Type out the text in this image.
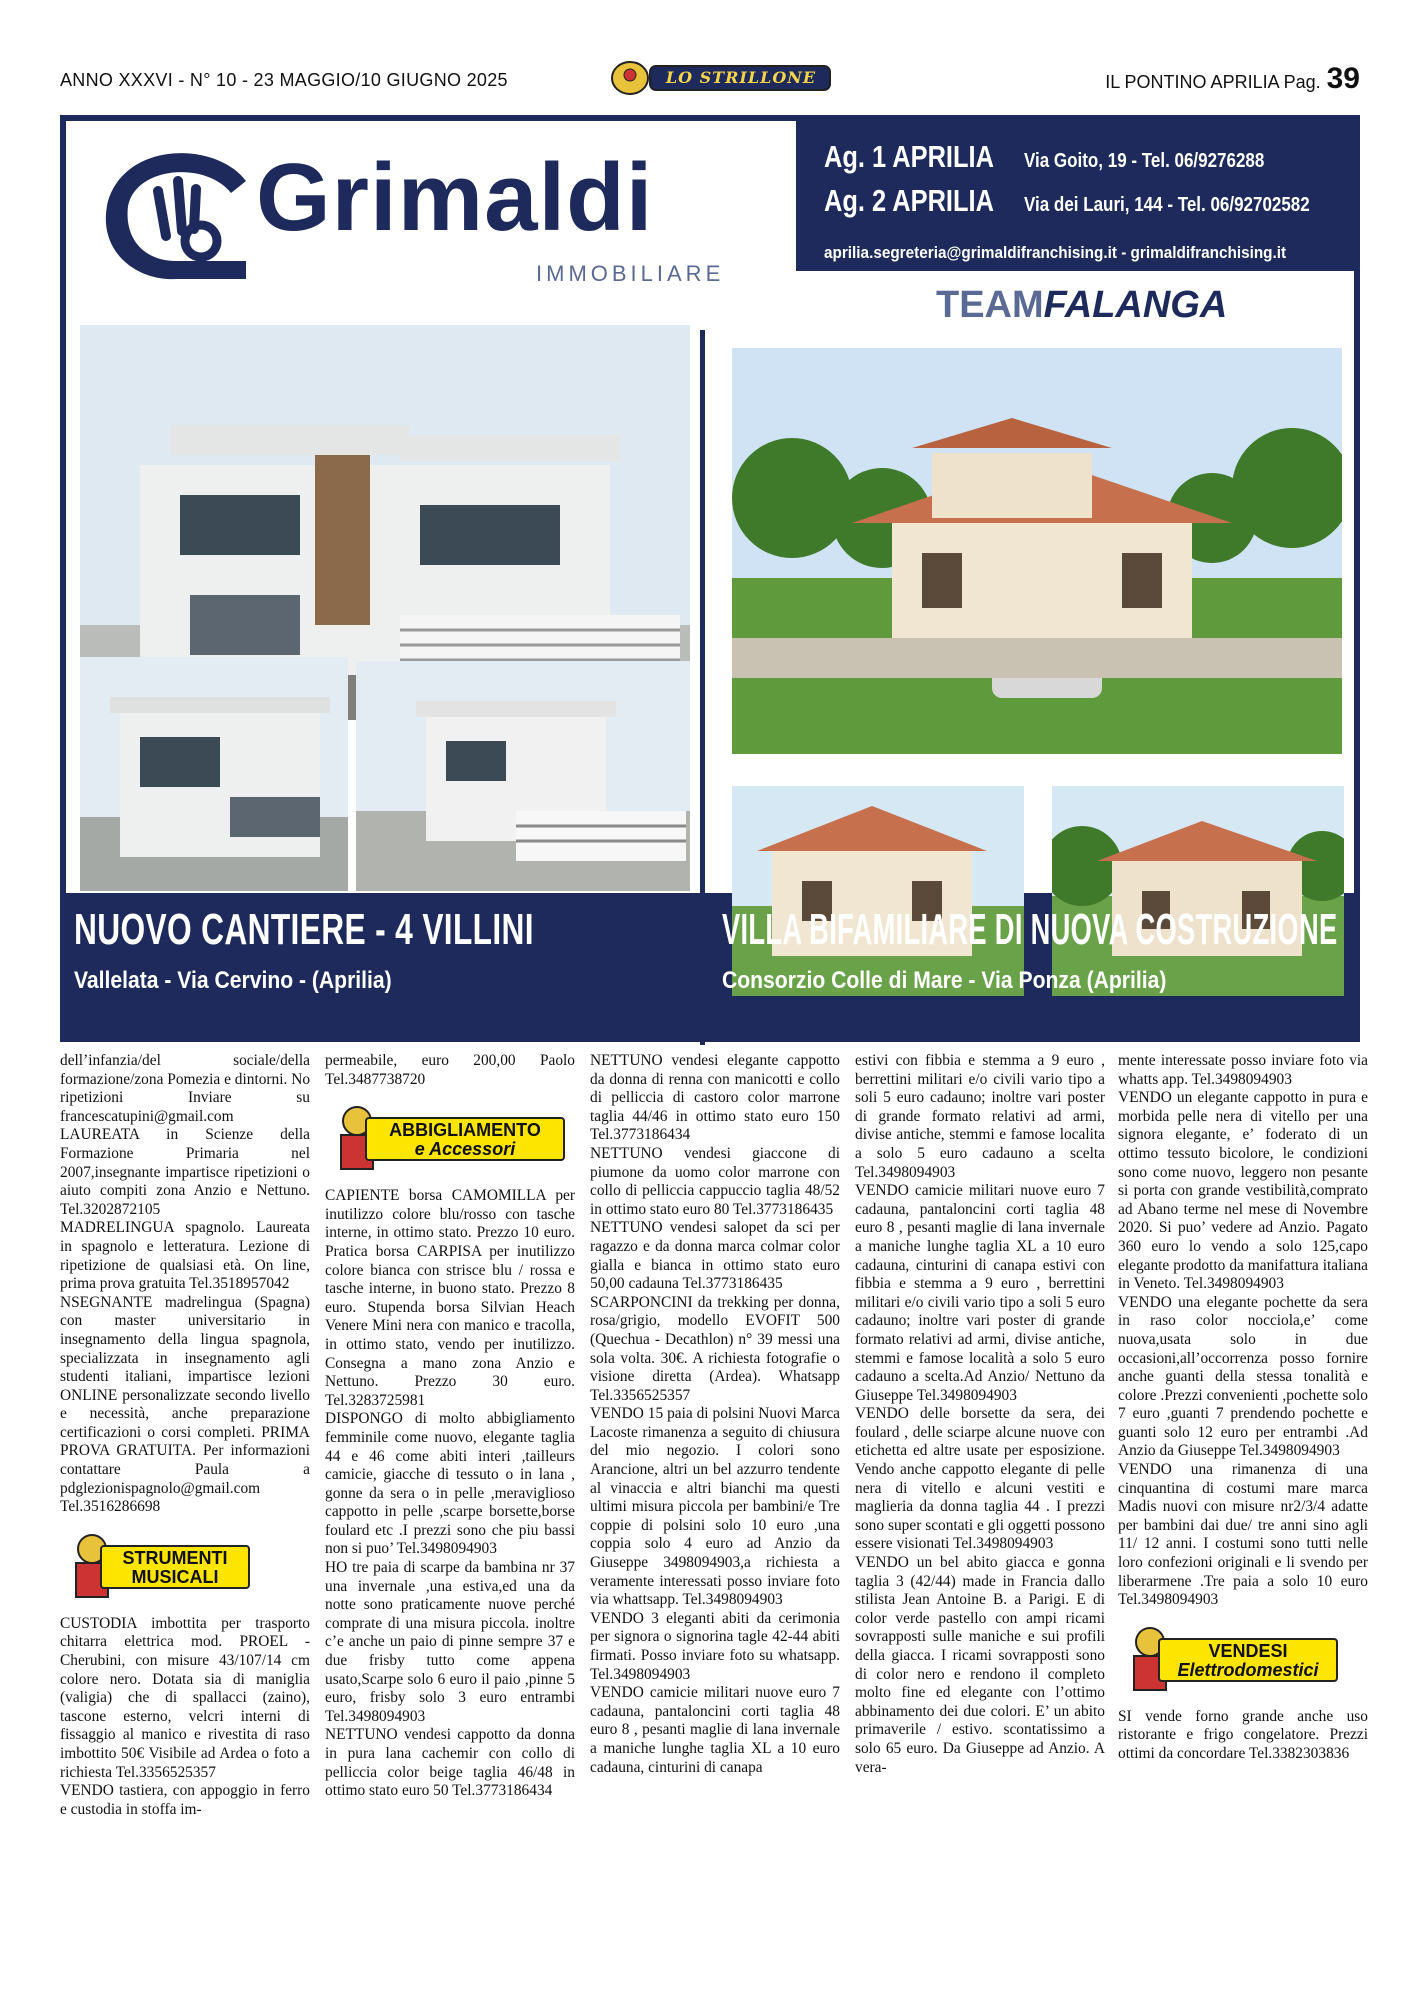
ANNO XXXVI - N° 10 - 23 MAGGIO/10 GIUGNO 2025	LO STRILLONE	IL PONTINO APRILIA Pag. 39
Grimaldi
IMMOBILIARE
Ag. 1 APRILIA Via Goito, 19 - Tel. 06/9276288
Ag. 2 APRILIA Via dei Lauri, 144 - Tel. 06/92702582
aprilia.segreteria@grimaldifranchising.it - grimaldifranchising.it
TEAMFALANGA
NUOVO CANTIERE - 4 VILLINI
Vallelata - Via Cervino - (Aprilia)
VILLA BIFAMILIARE DI NUOVA COSTRUZIONE
Consorzio Colle di Mare - Via Ponza (Aprilia)

dell’infanzia/del sociale/della formazione/zona Pomezia e dintorni. No ripetizioni Inviare su francescatupini@gmail.com

LAUREATA in Scienze della Formazione Primaria nel 2007,insegnante impartisce ripetizioni o aiuto compiti zona Anzio e Nettuno. Tel.3202872105

MADRELINGUA spagnolo. Laureata in spagnolo e letteratura. Lezione di ripetizione de qualsiasi età. On line, prima prova gratuita Tel.3518957042

NSEGNANTE madrelingua (Spagna) con master universitario in insegnamento della lingua spagnola, specializzata in insegnamento agli studenti italiani, impartisce lezioni ONLINE personalizzate secondo livello e necessità, anche preparazione certificazioni o corsi completi. PRIMA PROVA GRATUITA. Per informazioni contattare Paula a pdglezionispagnolo@gmail.com Tel.3516286698

STRUMENTI
MUSICALI

CUSTODIA imbottita per trasporto chitarra elettrica mod. PROEL - Cherubini, con misure 43/107/14 cm colore nero. Dotata sia di maniglia (valigia) che di spallacci (zaino), tascone esterno, velcri interni di fissaggio al manico e rivestita di raso imbottito 50€ Visibile ad Ardea o foto a richiesta Tel.3356525357

VENDO tastiera, con appoggio in ferro e custodia in stoffa im-

permeabile, euro 200,00 Paolo Tel.3487738720

ABBIGLIAMENTO
e Accessori

CAPIENTE borsa CAMOMILLA per inutilizzo colore blu/rosso con tasche interne, in ottimo stato. Prezzo 10 euro. Pratica borsa CARPISA per inutilizzo colore bianca con strisce blu / rossa e tasche interne, in buono stato. Prezzo 8 euro. Stupenda borsa Silvian Heach Venere Mini nera con manico e tracolla, in ottimo stato, vendo per inutilizzo. Consegna a mano zona Anzio e Nettuno. Prezzo 30 euro. Tel.3283725981

DISPONGO di molto abbigliamento femminile come nuovo, elegante taglia 44 e 46 come abiti interi ,tailleurs camicie, giacche di tessuto o in lana , gonne da sera o in pelle ,meraviglioso cappotto in pelle ,scarpe borsette,borse foulard etc .I prezzi sono che piu bassi non si puo’ Tel.3498094903

HO tre paia di scarpe da bambina nr 37 una invernale ,una estiva,ed una da notte sono praticamente nuove perché comprate di una misura piccola. inoltre c’e anche un paio di pinne sempre 37 e due frisby tutto come appena usato,Scarpe solo 6 euro il paio ,pinne 5 euro, frisby solo 3 euro entrambi Tel.3498094903

NETTUNO vendesi cappotto da donna in pura lana cachemir con collo di pelliccia color beige taglia 46/48 in ottimo stato euro 50 Tel.3773186434

NETTUNO vendesi elegante cappotto da donna di renna con manicotti e collo di pelliccia di castoro color marrone taglia 44/46 in ottimo stato euro 150 Tel.3773186434

NETTUNO vendesi giaccone di piumone da uomo color marrone con collo di pelliccia cappuccio taglia 48/52 in ottimo stato euro 80 Tel.3773186435

NETTUNO vendesi salopet da sci per ragazzo e da donna marca colmar color gialla e bianca in ottimo stato euro 50,00 cadauna Tel.3773186435

SCARPONCINI da trekking per donna, rosa/grigio, modello EVOFIT 500 (Quechua - Decathlon) n° 39 messi una sola volta. 30€. A richiesta fotografie o visione diretta (Ardea). Whatsapp Tel.3356525357

VENDO 15 paia di polsini Nuovi Marca Lacoste rimanenza a seguito di chiusura del mio negozio. I colori sono Arancione, altri un bel azzurro tendente al vinaccia e altri bianchi ma questi ultimi misura piccola per bambini/e Tre coppie di polsini solo 10 euro ,una coppia solo 4 euro ad Anzio da Giuseppe 3498094903,a richiesta a veramente interessati posso inviare foto via whattsapp. Tel.3498094903

VENDO 3 eleganti abiti da cerimonia per signora o signorina tagle 42-44 abiti firmati. Posso inviare foto su whatsapp. Tel.3498094903

VENDO camicie militari nuove euro 7 cadauna, pantaloncini corti taglia 48 euro 8 , pesanti maglie di lana invernale a maniche lunghe taglia XL a 10 euro cadauna, cinturini di canapa

estivi con fibbia e stemma a 9 euro , berrettini militari e/o civili vario tipo a soli 5 euro cadauno; inoltre vari poster di grande formato relativi ad armi, divise antiche, stemmi e famose localita a solo 5 euro cadauno a scelta Tel.3498094903

VENDO camicie militari nuove euro 7 cadauna, pantaloncini corti taglia 48 euro 8 , pesanti maglie di lana invernale a maniche lunghe taglia XL a 10 euro cadauna, cinturini di canapa estivi con fibbia e stemma a 9 euro , berrettini militari e/o civili vario tipo a soli 5 euro cadauno; inoltre vari poster di grande formato relativi ad armi, divise antiche, stemmi e famose località a solo 5 euro cadauno a scelta.Ad Anzio/ Nettuno da Giuseppe Tel.3498094903

VENDO delle borsette da sera, dei foulard , delle sciarpe alcune nuove con etichetta ed altre usate per esposizione. Vendo anche cappotto elegante di pelle nera di vitello e alcuni vestiti e maglieria da donna taglia 44 . I prezzi sono super scontati e gli oggetti possono essere visionati Tel.3498094903

VENDO un bel abito giacca e gonna taglia 3 (42/44) made in Francia dallo stilista Jean Antoine B. a Parigi. E di color verde pastello con ampi ricami sovrapposti sulle maniche e sui profili della giacca. I ricami sovrapposti sono di color nero e rendono il completo molto fine ed elegante con l’ottimo abbinamento dei due colori. E’ un abito primaverile / estivo. scontatissimo a solo 65 euro. Da Giuseppe ad Anzio. A vera-

mente interessate posso inviare foto via whatts app. Tel.3498094903

VENDO un elegante cappotto in pura e morbida pelle nera di vitello per una signora elegante, e’ foderato di un ottimo tessuto bicolore, le condizioni sono come nuovo, leggero non pesante si porta con grande vestibilità,comprato ad Abano terme nel mese di Novembre 2020. Si puo’ vedere ad Anzio. Pagato 360 euro lo vendo a solo 125,capo elegante prodotto da manifattura italiana in Veneto. Tel.3498094903

VENDO una elegante pochette da sera in raso color nocciola,e’ come nuova,usata solo in due occasioni,all’occorrenza posso fornire anche guanti della stessa tonalità e colore .Prezzi convenienti ,pochette solo 7 euro ,guanti 7 prendendo pochette e guanti solo 12 euro per entrambi .Ad Anzio da Giuseppe Tel.3498094903

VENDO una rimanenza di una cinquantina di costumi mare marca Madis nuovi con misure nr2/3/4 adatte per bambini dai due/ tre anni sino agli 11/ 12 anni. I costumi sono tutti nelle loro confezioni originali e li svendo per liberarmene .Tre paia a solo 10 euro Tel.3498094903

VENDESI
Elettrodomestici

SI vende forno grande anche uso ristorante e frigo congelatore. Prezzi ottimi da concordare Tel.3382303836
